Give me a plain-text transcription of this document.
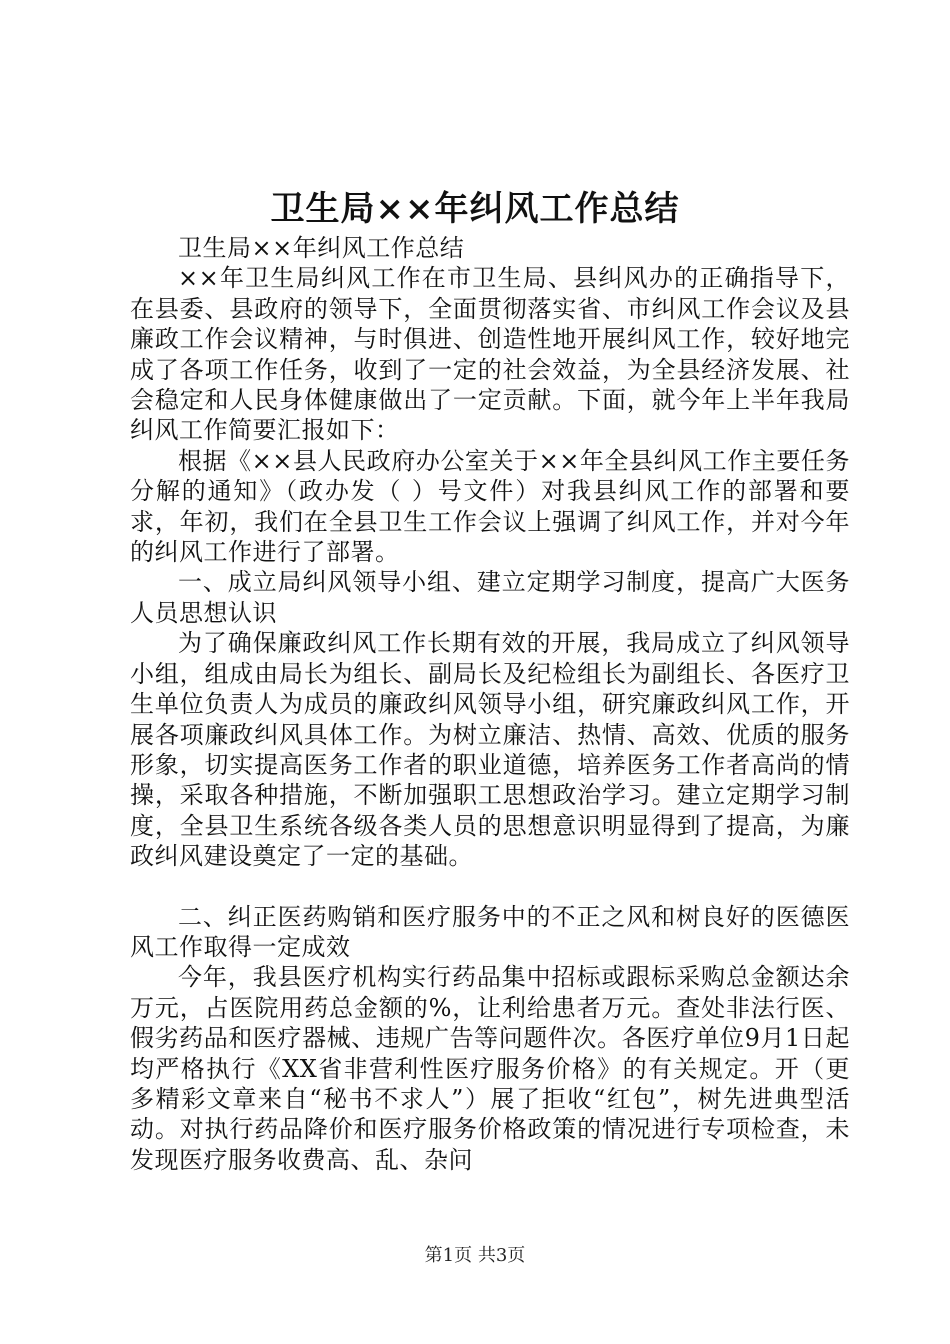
卫生局××年纠风工作总结

卫生局××年纠风工作总结

××年卫生局纠风工作在市卫生局、县纠风办的正确指导下，在县委、县政府的领导下，全面贯彻落实省、市纠风工作会议及县廉政工作会议精神，与时俱进、创造性地开展纠风工作，较好地完成了各项工作任务，收到了一定的社会效益，为全县经济发展、社会稳定和人民身体健康做出了一定贡献。下面，就今年上半年我局纠风工作简要汇报如下：

根据《××县人民政府办公室关于××年全县纠风工作主要任务分解的通知》（政办发（ ）号文件）对我县纠风工作的部署和要求，年初，我们在全县卫生工作会议上强调了纠风工作，并对今年的纠风工作进行了部署。

一、成立局纠风领导小组、建立定期学习制度，提高广大医务人员思想认识

为了确保廉政纠风工作长期有效的开展，我局成立了纠风领导小组，组成由局长为组长、副局长及纪检组长为副组长、各医疗卫生单位负责人为成员的廉政纠风领导小组，研究廉政纠风工作，开展各项廉政纠风具体工作。为树立廉洁、热情、高效、优质的服务形象，切实提高医务工作者的职业道德，培养医务工作者高尚的情操，采取各种措施，不断加强职工思想政治学习。建立定期学习制度，全县卫生系统各级各类人员的思想意识明显得到了提高，为廉政纠风建设奠定了一定的基础。

二、纠正医药购销和医疗服务中的不正之风和树良好的医德医风工作取得一定成效

今年，我县医疗机构实行药品集中招标或跟标采购总金额达余万元，占医院用药总金额的%，让利给患者万元。查处非法行医、假劣药品和医疗器械、违规广告等问题件次。各医疗单位9月1日起均严格执行《XX省非营利性医疗服务价格》的有关规定。开（更多精彩文章来自“秘书不求人”）展了拒收“红包”，树先进典型活动。对执行药品降价和医疗服务价格政策的情况进行专项检查，未发现医疗服务收费高、乱、杂问

第1页 共3页
